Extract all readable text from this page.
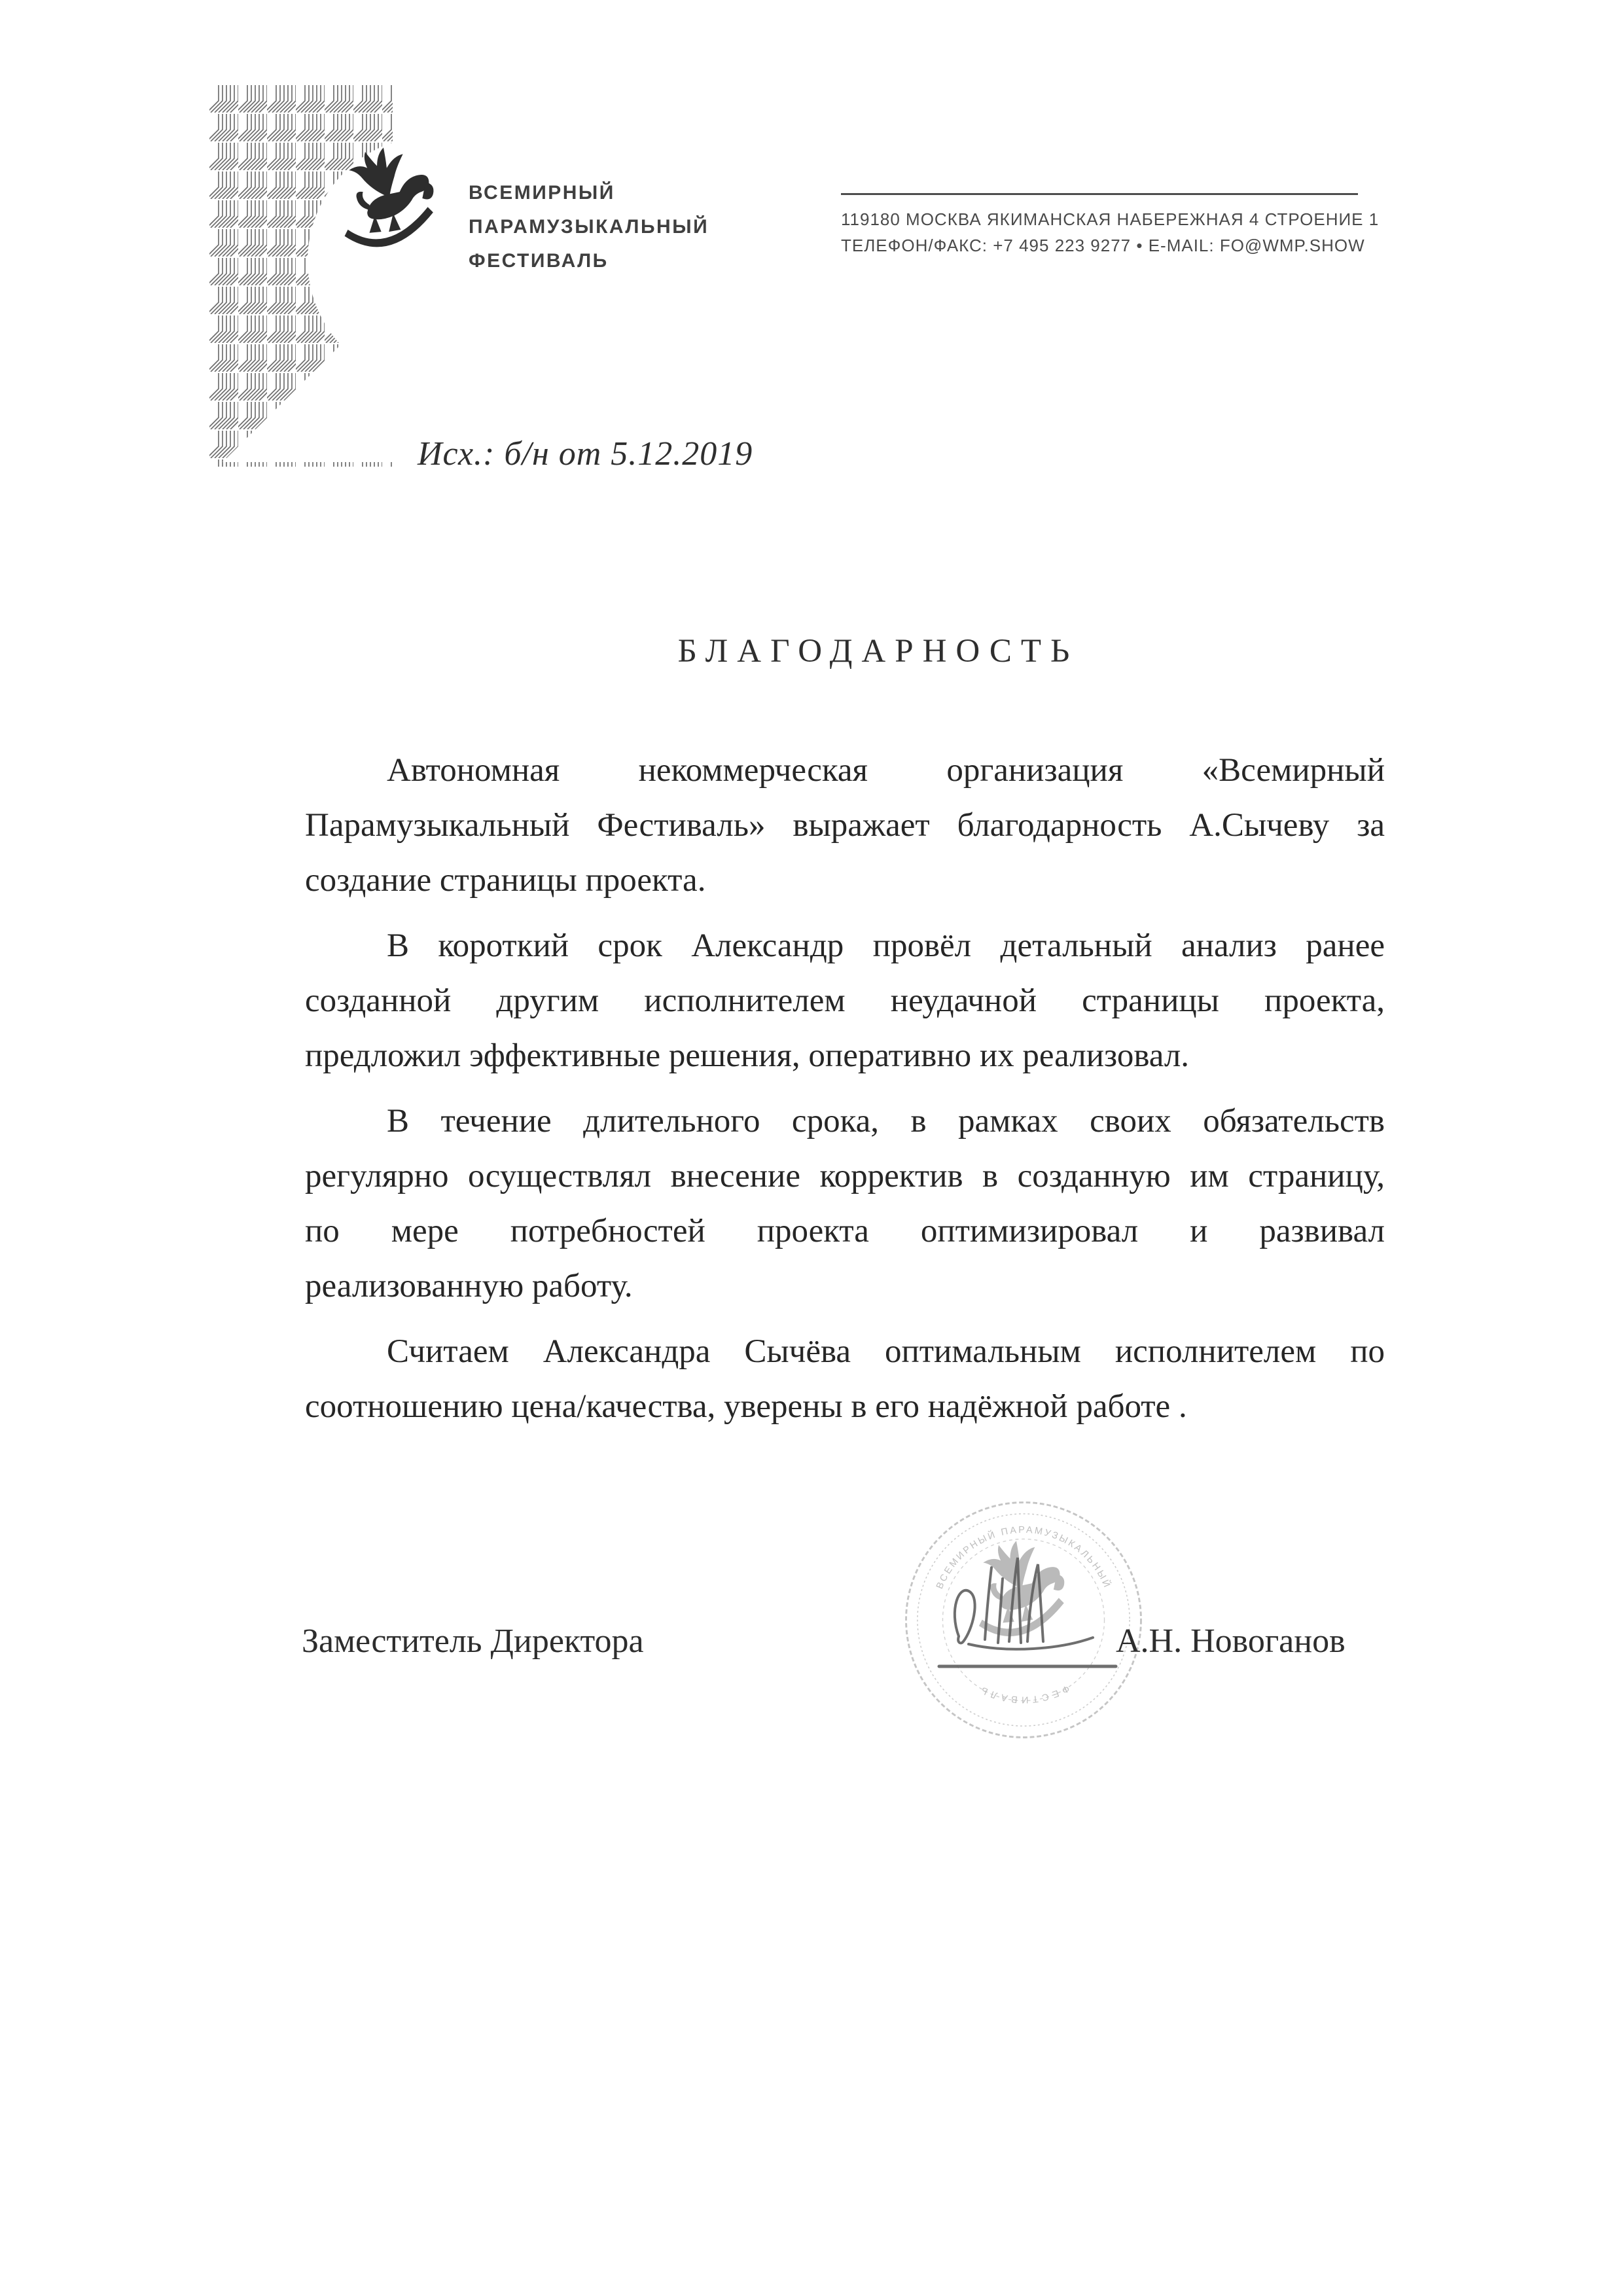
ВСЕМИРНЫЙ
ПАРАМУЗЫКАЛЬНЫЙ
ФЕСТИВАЛЬ
119180 МОСКВА ЯКИМАНСКАЯ НАБЕРЕЖНАЯ 4 СТРОЕНИЕ 1
ТЕЛЕФОН/ФАКС: +7 495 223 9277 • E-MAIL: FO@WMP.SHOW
Исх.: б/н от 5.12.2019
БЛАГОДАРНОСТЬ

Автономная некоммерческая организация «Всемирный
Парамузыкальный Фестиваль» выражает благодарность А.Сычеву за
создание страницы проекта.

В короткий срок Александр провёл детальный анализ ранее
созданной другим исполнителем неудачной страницы проекта,
предложил эффективные решения, оперативно их реализовал.

В течение длительного срока, в рамках своих обязательств
регулярно осуществлял внесение корректив в созданную им страницу,
по мере потребностей проекта оптимизировал и развивал
реализованную работу.

Считаем Александра Сычёва оптимальным исполнителем по
соотношению цена/качества, уверены в его надёжной работе .

Заместитель Директора
ВСЕМИРНЫЙ ПАРАМУЗЫКАЛЬНЫЙ
ФЕСТИВАЛЬ
А.Н. Новоганов
